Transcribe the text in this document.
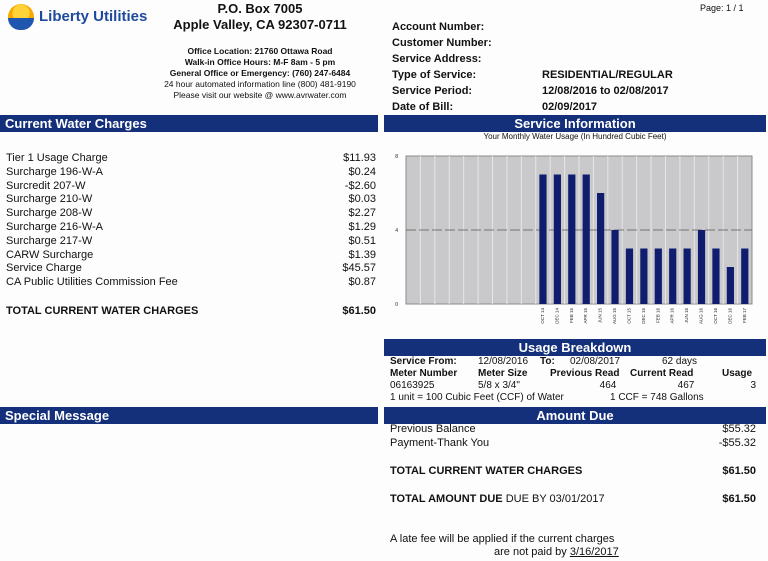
Liberty Utilities	P.O. Box 7005
Apple Valley, CA 92307-0711
Office Location: 21760 Ottawa Road
Walk-in Office Hours: M-F 8am - 5 pm
General Office or Emergency: (760) 247-6484
24 hour automated information line (800) 481-9190
Please visit our website @ www.avrwater.com
Page: 1 / 1
Account Number:
Customer Number:
Service Address:
Type of Service:	RESIDENTIAL/REGULAR
Service Period:	12/08/2016 to 02/08/2017
Date of Bill:	02/09/2017
Current Water Charges	Service Information
Usage Breakdown
Special Message	Amount Due
Tier 1 Usage Charge	$11.93
Surcharge 196-W-A	$0.24
Surcredit 207-W	-$2.60
Surcharge 210-W	$0.03
Surcharge 208-W	$2.27
Surcharge 216-W-A	$1.29
Surcharge 217-W	$0.51
CARW Surcharge	$1.39
Service Charge	$45.57
CA Public Utilities Commission Fee	$0.87
TOTAL CURRENT WATER CHARGES	$61.50
Your Monthly Water Usage (In Hundred Cubic Feet)
0
4
8
OCT 14 DEC 14 FEB 15 APR 15 JUN 15 AUG 15 OCT 15 DEC 15 FEB 16 APR 16 JUN 16 AUG 16 OCT 16 DEC 16 FEB 17
Service From:	12/08/2016	To:	02/08/2017	62 days
Meter Number	Meter Size	Previous Read	Current Read	Usage
06163925	5/8 x 3/4"	464	467	3
1 unit = 100 Cubic Feet (CCF) of Water	1 CCF = 748 Gallons
Previous Balance	$55.32
Payment-Thank You	-$55.32
TOTAL CURRENT WATER CHARGES	$61.50
TOTAL AMOUNT DUE DUE BY 03/01/2017	$61.50
A late fee will be applied if the current charges
are not paid by 3/16/2017
